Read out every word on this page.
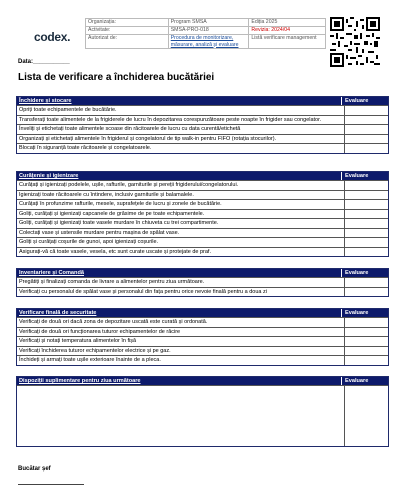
codex.
Organizația:	Program SMSA	Ediția 2025
Activitate:	SMSA-PRO-018	Revizia: 2024/04
Autorizat de:	Procedura de monitorizare, măsurare, analiză și evaluare	Listă verificare management
Data:___________
Lista de verificare a închiderea bucătăriei
Închidere și stocare	Evaluare
Opriți toate echipamentele de bucătărie.
Transferați toate alimentele de la frigiderele de lucru în depozitarea corespunzătoare peste noapte în frigider sau congelator.
Înveliți și etichetați toate alimentele scoase din răcitoarele de lucru cu data curentă/etichetă
Organizați și etichetați alimentele în frigiderul și congelatorul de tip walk-in pentru FIFO (rotația stocurilor).
Blocați în siguranță toate răcitoarele și congelatoarele.
Curățenie și igienizare	Evaluare
Curățați și igienizați podelele, ușile, rafturile, garniturile și pereții frigiderului/congelatorului.
Igienizați toate răcitoarele cu întindere, inclusiv garniturile și balamalele.
Curățați în profunzime rafturile, mesele, suprafețele de lucru și zonele de bucătărie.
Goliți, curățați și igienizați capcanele de grăsime de pe toate echipamentele.
Goliți, curățați și igienizați toate vasele murdare în chiuveta cu trei compartimente.
Colectați vase și ustensile murdare pentru mașina de spălat vase.
Goliți și curățați coșurile de gunoi, apoi igienizați coșurile.
Asigurați-vă că toate vasele, vesela, etc sunt curate uscate și protejate de praf.
Inventariere și Comandă	Evaluare
Pregătiți și finalizați comanda de livrare a alimentelor pentru ziua următoare.
Verificați cu personalul de spălat vase și personalul din fața pentru orice nevoie finală pentru a doua zi
Verificare finală de securitate	Evaluare
Verificați de două ori dacă zona de depozitare uscată este curată și ordonată.
Verificați de două ori funcționarea tuturor echipamentelor de răcire
Verificați și notați temperatura alimentelor în fișă
Verificați închiderea tuturor echipamentelor electrice și pe gaz.
Închideți și armați toate ușile exterioare înainte de a pleca.
Dispoziții suplimentare pentru ziua următoare	Evaluare
Bucătar șef
